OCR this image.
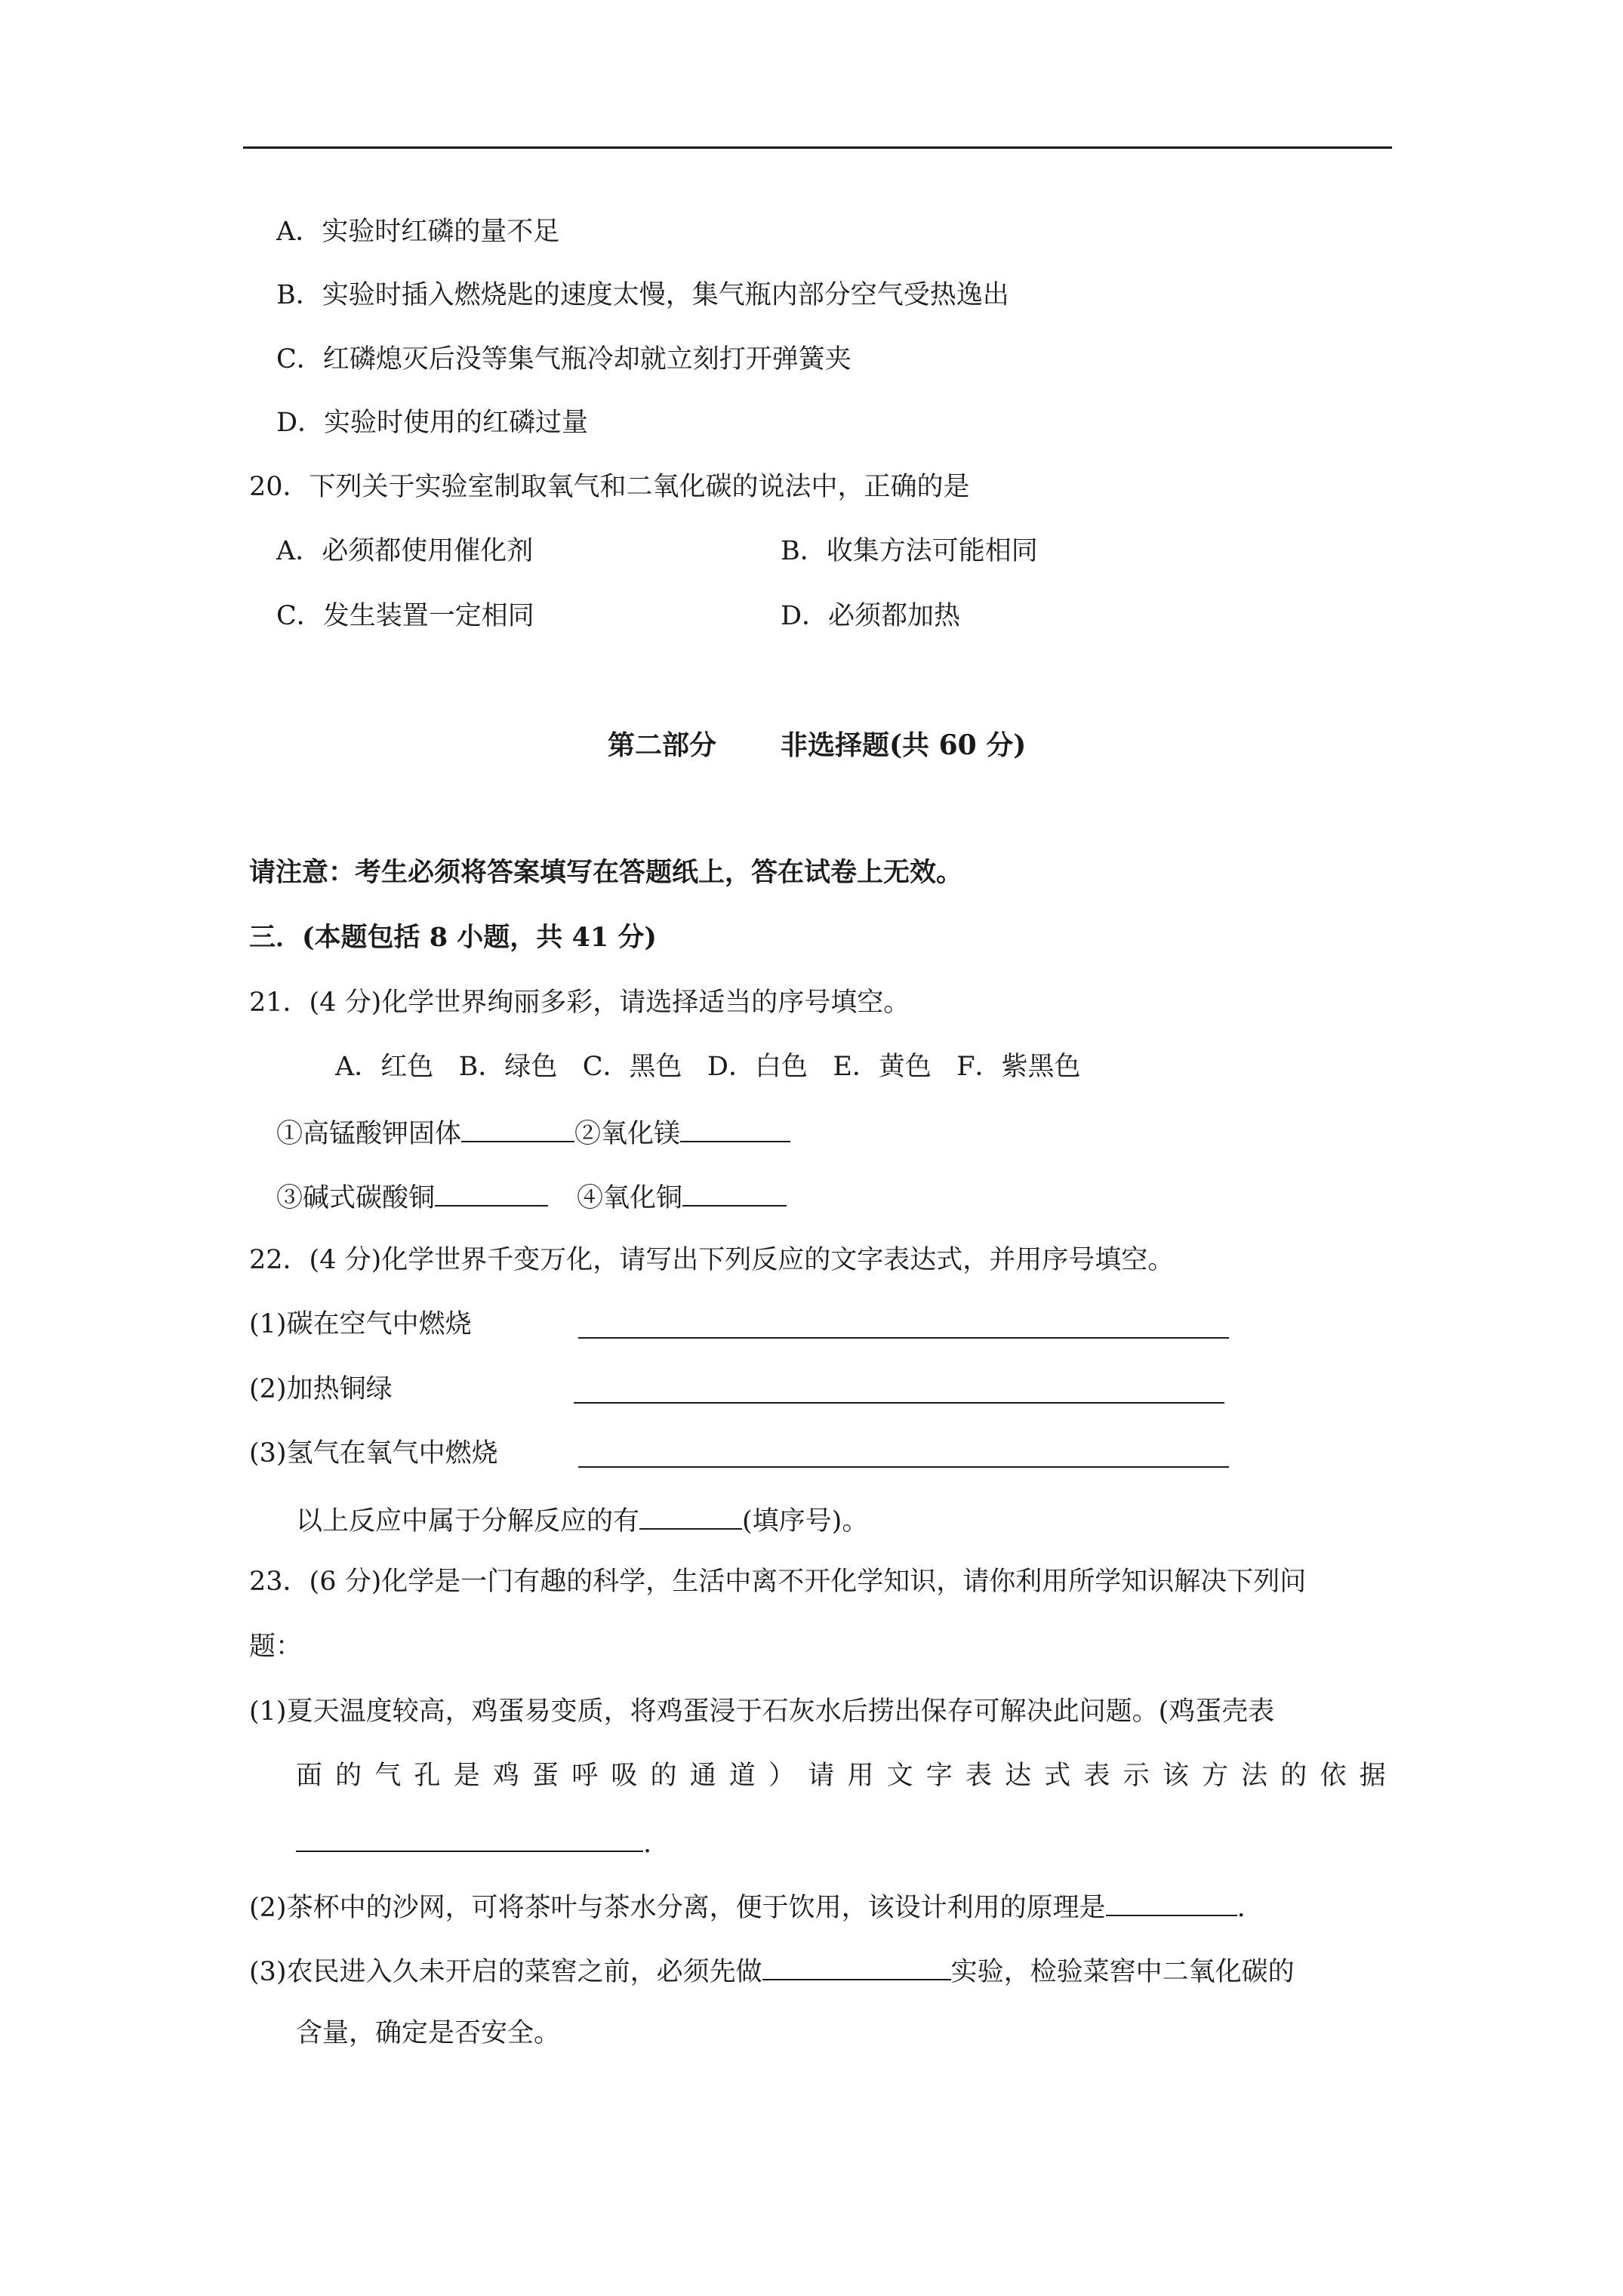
A．实验时红磷的量不足
B．实验时插入燃烧匙的速度太慢，集气瓶内部分空气受热逸出
C．红磷熄灭后没等集气瓶冷却就立刻打开弹簧夹
D．实验时使用的红磷过量
20．下列关于实验室制取氧气和二氧化碳的说法中，正确的是
A．必须都使用催化剂	B．收集方法可能相同
C．发生装置一定相同	D．必须都加热
第二部分 非选择题(共 60 分)
请注意：考生必须将答案填写在答题纸上，答在试卷上无效。
三．(本题包括 8 小题，共 41 分)
21．(4 分)化学世界绚丽多彩，请选择适当的序号填空。
A．红色   B．绿色   C．黑色   D．白色   E．黄色   F．紫黑色
①高锰酸钾固体	②氧化镁
③碱式碳酸铜	④氧化铜
22．(4 分)化学世界千变万化，请写出下列反应的文字表达式，并用序号填空。
(1)碳在空气中燃烧
(2)加热铜绿
(3)氢气在氧气中燃烧
以上反应中属于分解反应的有	(填序号)。
23．(6 分)化学是一门有趣的科学，生活中离不开化学知识，请你利用所学知识解决下列问
题：
(1)夏天温度较高，鸡蛋易变质，将鸡蛋浸于石灰水后捞出保存可解决此问题。(鸡蛋壳表
面 的 气 孔 是 鸡 蛋 呼 吸 的 通 道 ） 请 用 文 字 表 达 式 表 示 该 方 法 的 依 据
.
(2)茶杯中的沙网，可将茶叶与茶水分离，便于饮用，该设计利用的原理是	.
(3)农民进入久未开启的菜窖之前，必须先做	实验，检验菜窖中二氧化碳的
含量，确定是否安全。
